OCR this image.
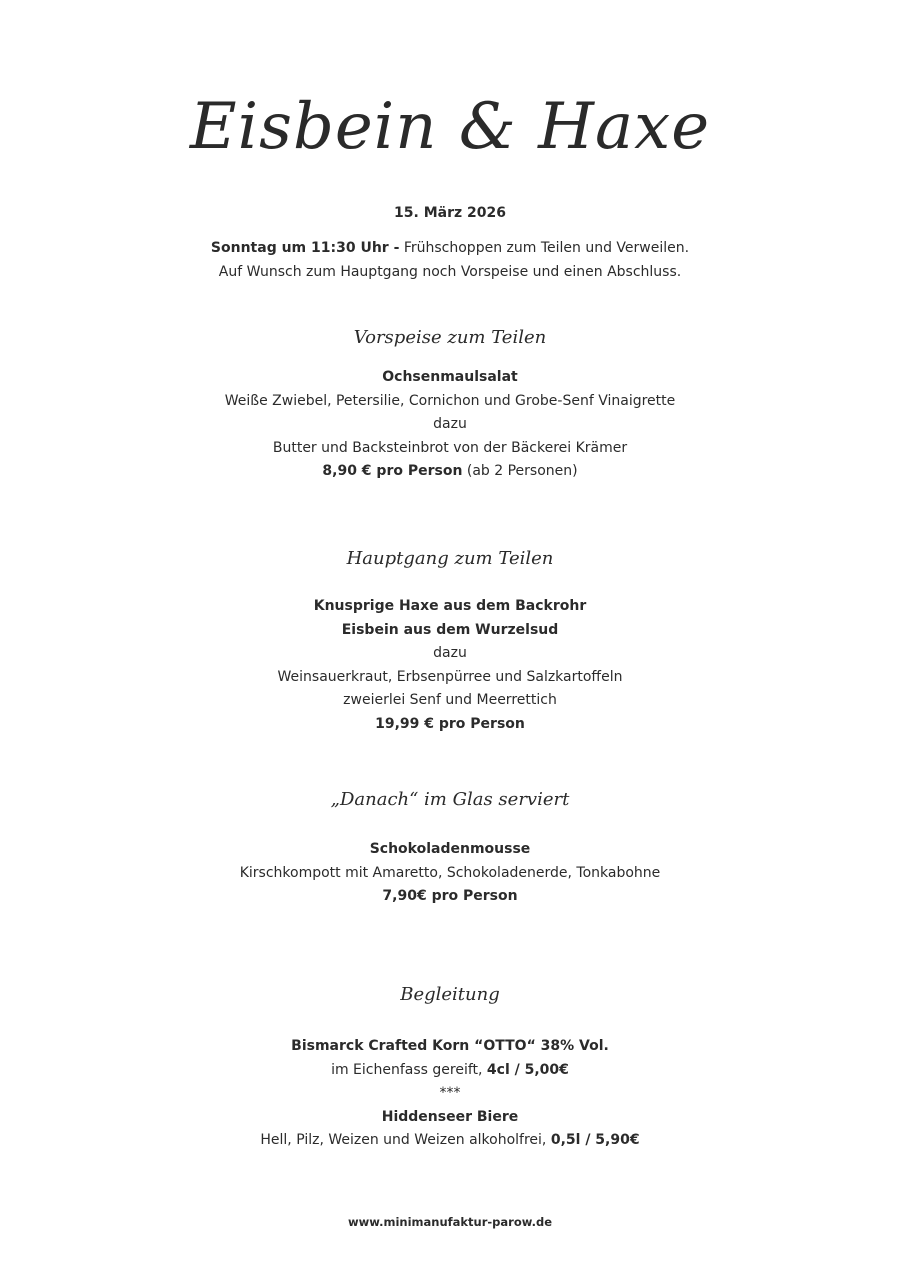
Eisbein & Haxe
15. März 2026
Sonntag um 11:30 Uhr - Frühschoppen zum Teilen und Verweilen.
Auf Wunsch zum Hauptgang noch Vorspeise und einen Abschluss.
Vorspeise zum Teilen
Ochsenmaulsalat
Weiße Zwiebel, Petersilie, Cornichon und Grobe-Senf Vinaigrette
dazu
Butter und Backsteinbrot von der Bäckerei Krämer
8,90 € pro Person (ab 2 Personen)
Hauptgang zum Teilen
Knusprige Haxe aus dem Backrohr
Eisbein aus dem Wurzelsud
dazu
Weinsauerkraut, Erbsenpürree und Salzkartoffeln
zweierlei Senf und Meerrettich
19,99 € pro Person
„Danach“ im Glas serviert
Schokoladenmousse
Kirschkompott mit Amaretto, Schokoladenerde, Tonkabohne
7,90€ pro Person
Begleitung
Bismarck Crafted Korn “OTTO“ 38% Vol.
im Eichenfass gereift, 4cl / 5,00€
***
Hiddenseer Biere
Hell, Pilz, Weizen und Weizen alkoholfrei, 0,5l / 5,90€
www.minimanufaktur-parow.de
